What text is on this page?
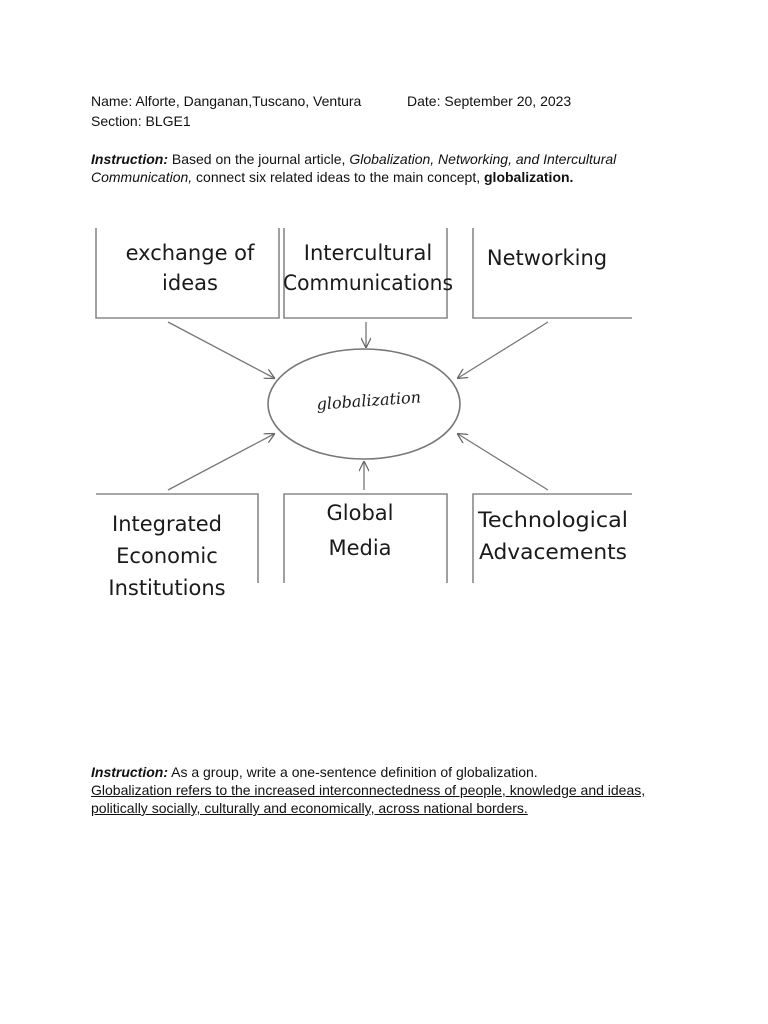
Name: Alforte, Danganan,Tuscano, Ventura	Date: September 20, 2023
Section: BLGE1
Instruction: Based on the journal article, Globalization, Networking, and Intercultural
Communication, connect six related ideas to the main concept, globalization.
globalization
exchange of
ideas
Intercultural
Communications
Networking
Integrated
Economic
Institutions
Global
Media
Technological
Advacements
Instruction: As a group, write a one-sentence definition of globalization.
Globalization refers to the increased interconnectedness of people, knowledge and ideas,
politically socially, culturally and economically, across national borders.
